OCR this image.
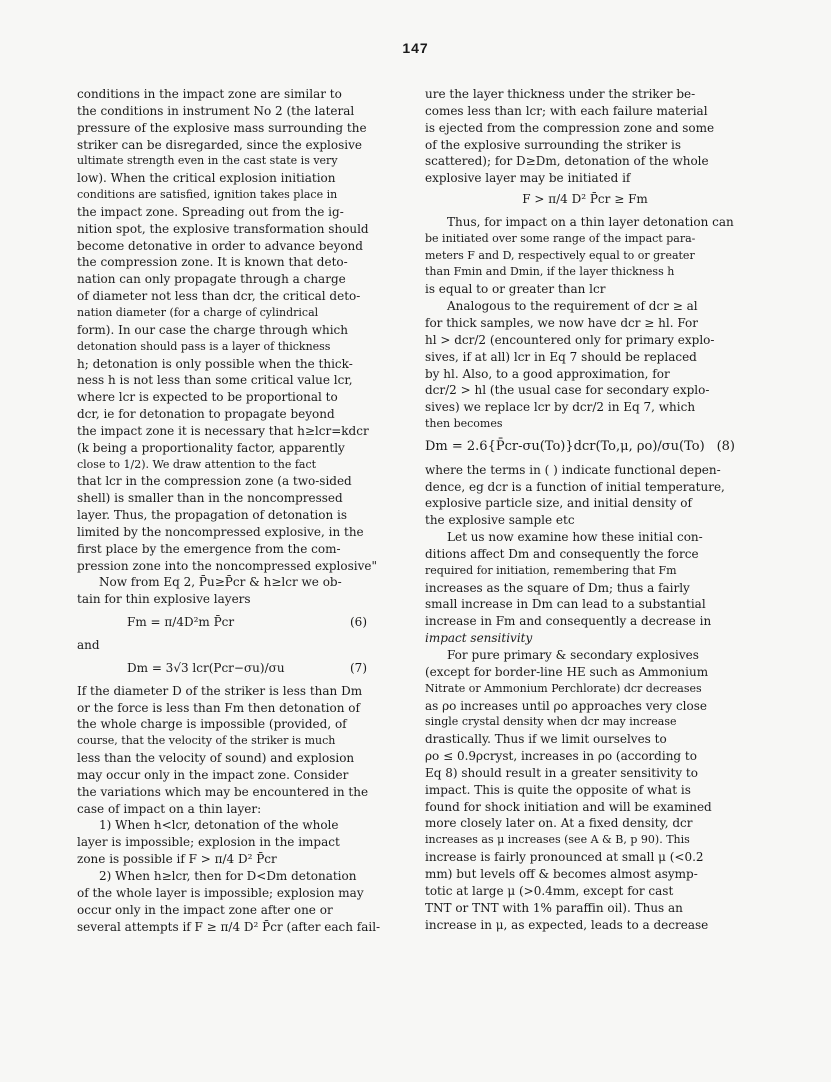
147
conditions in the impact zone are similar to
the conditions in instrument No 2 (the lateral
pressure of the explosive mass surrounding the
striker can be disregarded, since the explosive
ultimate strength even in the cast state is very
low). When the critical explosion initiation
conditions are satisfied, ignition takes place in
the impact zone. Spreading out from the ig-
nition spot, the explosive transformation should
become detonative in order to advance beyond
the compression zone. It is known that deto-
nation can only propagate through a charge
of diameter not less than dcr, the critical deto-
nation diameter (for a charge of cylindrical
form). In our case the charge through which
detonation should pass is a layer of thickness
h; detonation is only possible when the thick-
ness h is not less than some critical value lcr,
where lcr is expected to be proportional to
dcr, ie for detonation to propagate beyond
the impact zone it is necessary that h≥lcr=kdcr
(k being a proportionality factor, apparently
close to 1/2). We draw attention to the fact
that lcr in the compression zone (a two-sided
shell) is smaller than in the noncompressed
layer. Thus, the propagation of detonation is
limited by the noncompressed explosive, in the
first place by the emergence from the com-
pression zone into the noncompressed explosive"
Now from Eq 2, P̄u≥P̄cr & h≥lcr we ob-
tain for thin explosive layers
Fm = π/4D²m P̄cr	(6)
and
Dm = 3√3 lcr(Pcr−σu)/σu	(7)
If the diameter D of the striker is less than Dm
or the force is less than Fm then detonation of
the whole charge is impossible (provided, of
course, that the velocity of the striker is much
less than the velocity of sound) and explosion
may occur only in the impact zone. Consider
the variations which may be encountered in the
case of impact on a thin layer:
1) When h<lcr, detonation of the whole
layer is impossible; explosion in the impact
zone is possible if F > π/4 D² P̄cr
2) When h≥lcr, then for D<Dm detonation
of the whole layer is impossible; explosion may
occur only in the impact zone after one or
several attempts if F ≥ π/4 D² P̄cr (after each fail-
ure the layer thickness under the striker be-
comes less than lcr; with each failure material
is ejected from the compression zone and some
of the explosive surrounding the striker is
scattered); for D≥Dm, detonation of the whole
explosive layer may be initiated if
F > π/4 D² P̄cr ≥ Fm
Thus, for impact on a thin layer detonation can
be initiated over some range of the impact para-
meters F and D, respectively equal to or greater
than Fmin and Dmin, if the layer thickness h
is equal to or greater than lcr
Analogous to the requirement of dcr ≥ al
for thick samples, we now have dcr ≥ hl. For
hl > dcr/2 (encountered only for primary explo-
sives, if at all) lcr in Eq 7 should be replaced
by hl. Also, to a good approximation, for
dcr/2 > hl (the usual case for secondary explo-
sives) we replace lcr by dcr/2 in Eq 7, which
then becomes
Dm = 2.6{P̄cr-σu(To)}dcr(To,μ, ρo)/σu(To) (8)
where the terms in ( ) indicate functional depen-
dence, eg dcr is a function of initial temperature,
explosive particle size, and initial density of
the explosive sample etc
Let us now examine how these initial con-
ditions affect Dm and consequently the force
required for initiation, remembering that Fm
increases as the square of Dm; thus a fairly
small increase in Dm can lead to a substantial
increase in Fm and consequently a decrease in
impact sensitivity
For pure primary & secondary explosives
(except for border-line HE such as Ammonium
Nitrate or Ammonium Perchlorate) dcr decreases
as ρo increases until ρo approaches very close
single crystal density when dcr may increase
drastically. Thus if we limit ourselves to
ρo ≤ 0.9ρcryst, increases in ρo (according to
Eq 8) should result in a greater sensitivity to
impact. This is quite the opposite of what is
found for shock initiation and will be examined
more closely later on. At a fixed density, dcr
increases as μ increases (see A & B, p 90). This
increase is fairly pronounced at small μ (<0.2
mm) but levels off & becomes almost asymp-
totic at large μ (>0.4mm, except for cast
TNT or TNT with 1% paraffin oil). Thus an
increase in μ, as expected, leads to a decrease
